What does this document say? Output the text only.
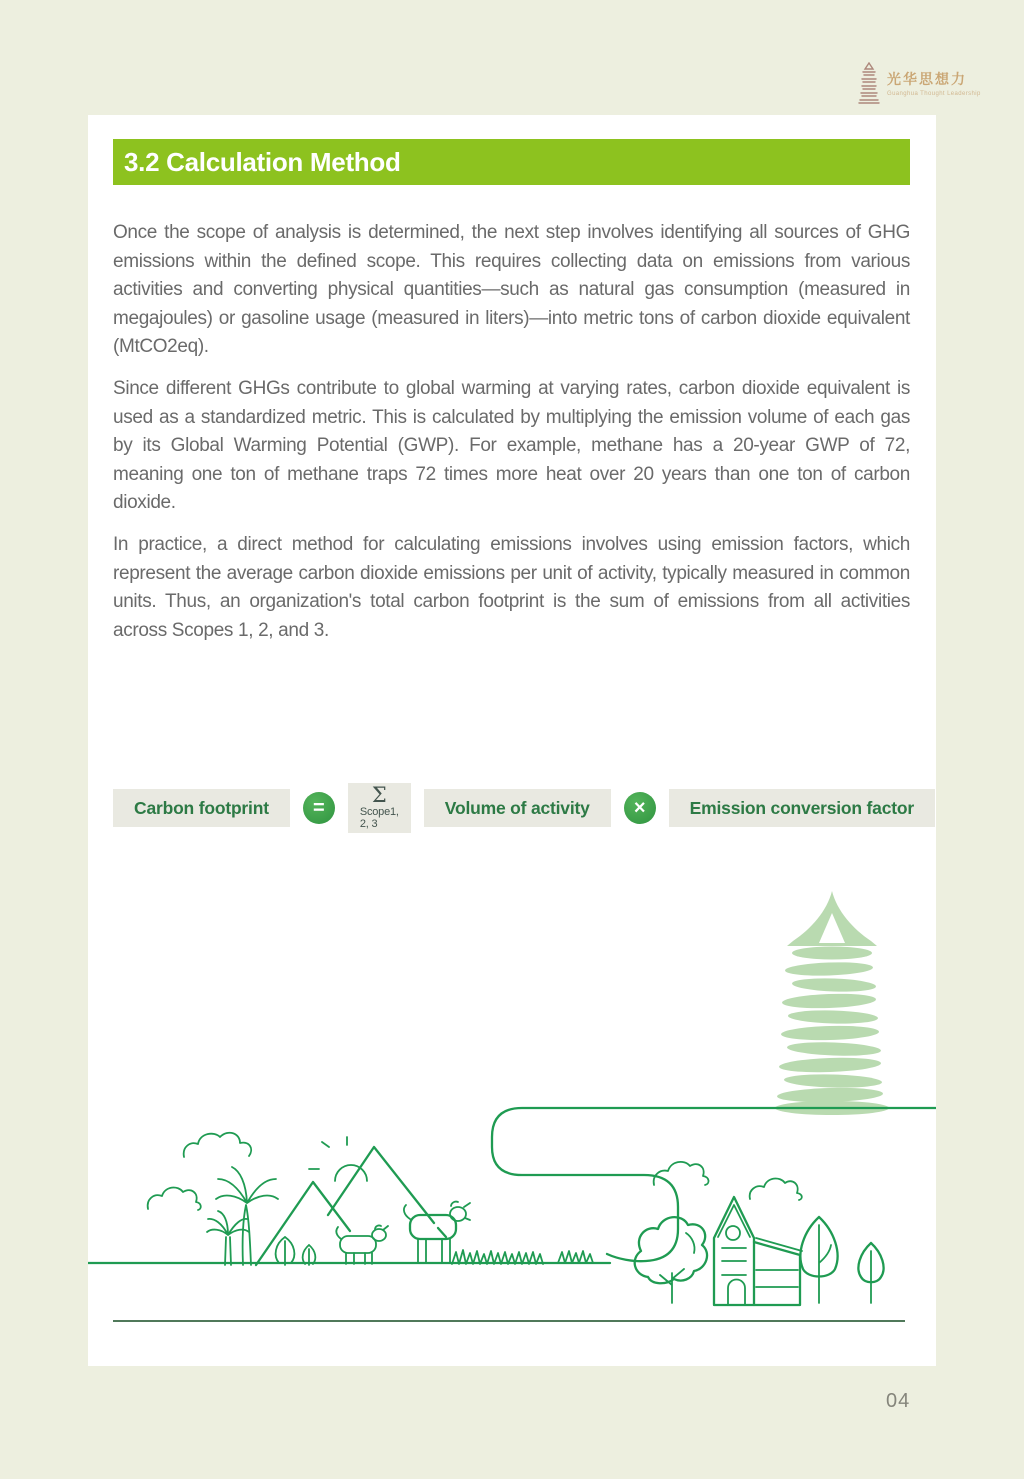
光华思想力
Guanghua Thought Leadership
3.2 Calculation Method

Once the scope of analysis is determined, the next step involves identifying all sources of GHG emissions within the defined scope. This requires collecting data on emissions from various activities and converting physical quantities—such as natural gas consumption (measured in megajoules) or gasoline usage (measured in liters)—into metric tons of carbon dioxide equivalent (MtCO2eq).

Since different GHGs contribute to global warming at varying rates, carbon dioxide equivalent is used as a standardized metric. This is calculated by multiplying the emission volume of each gas by its Global Warming Potential (GWP). For example, methane has a 20-year GWP of 72, meaning one ton of methane traps 72 times more heat over 20 years than one ton of carbon dioxide.

In practice, a direct method for calculating emissions involves using emission factors, which represent the average carbon dioxide emissions per unit of activity, typically measured in common units. Thus, an organization's total carbon footprint is the sum of emissions from all activities across Scopes 1, 2, and 3.

Carbon footprint	=
Σ
Scope1, 2, 3
Volume of activity	×	Emission conversion factor
04
